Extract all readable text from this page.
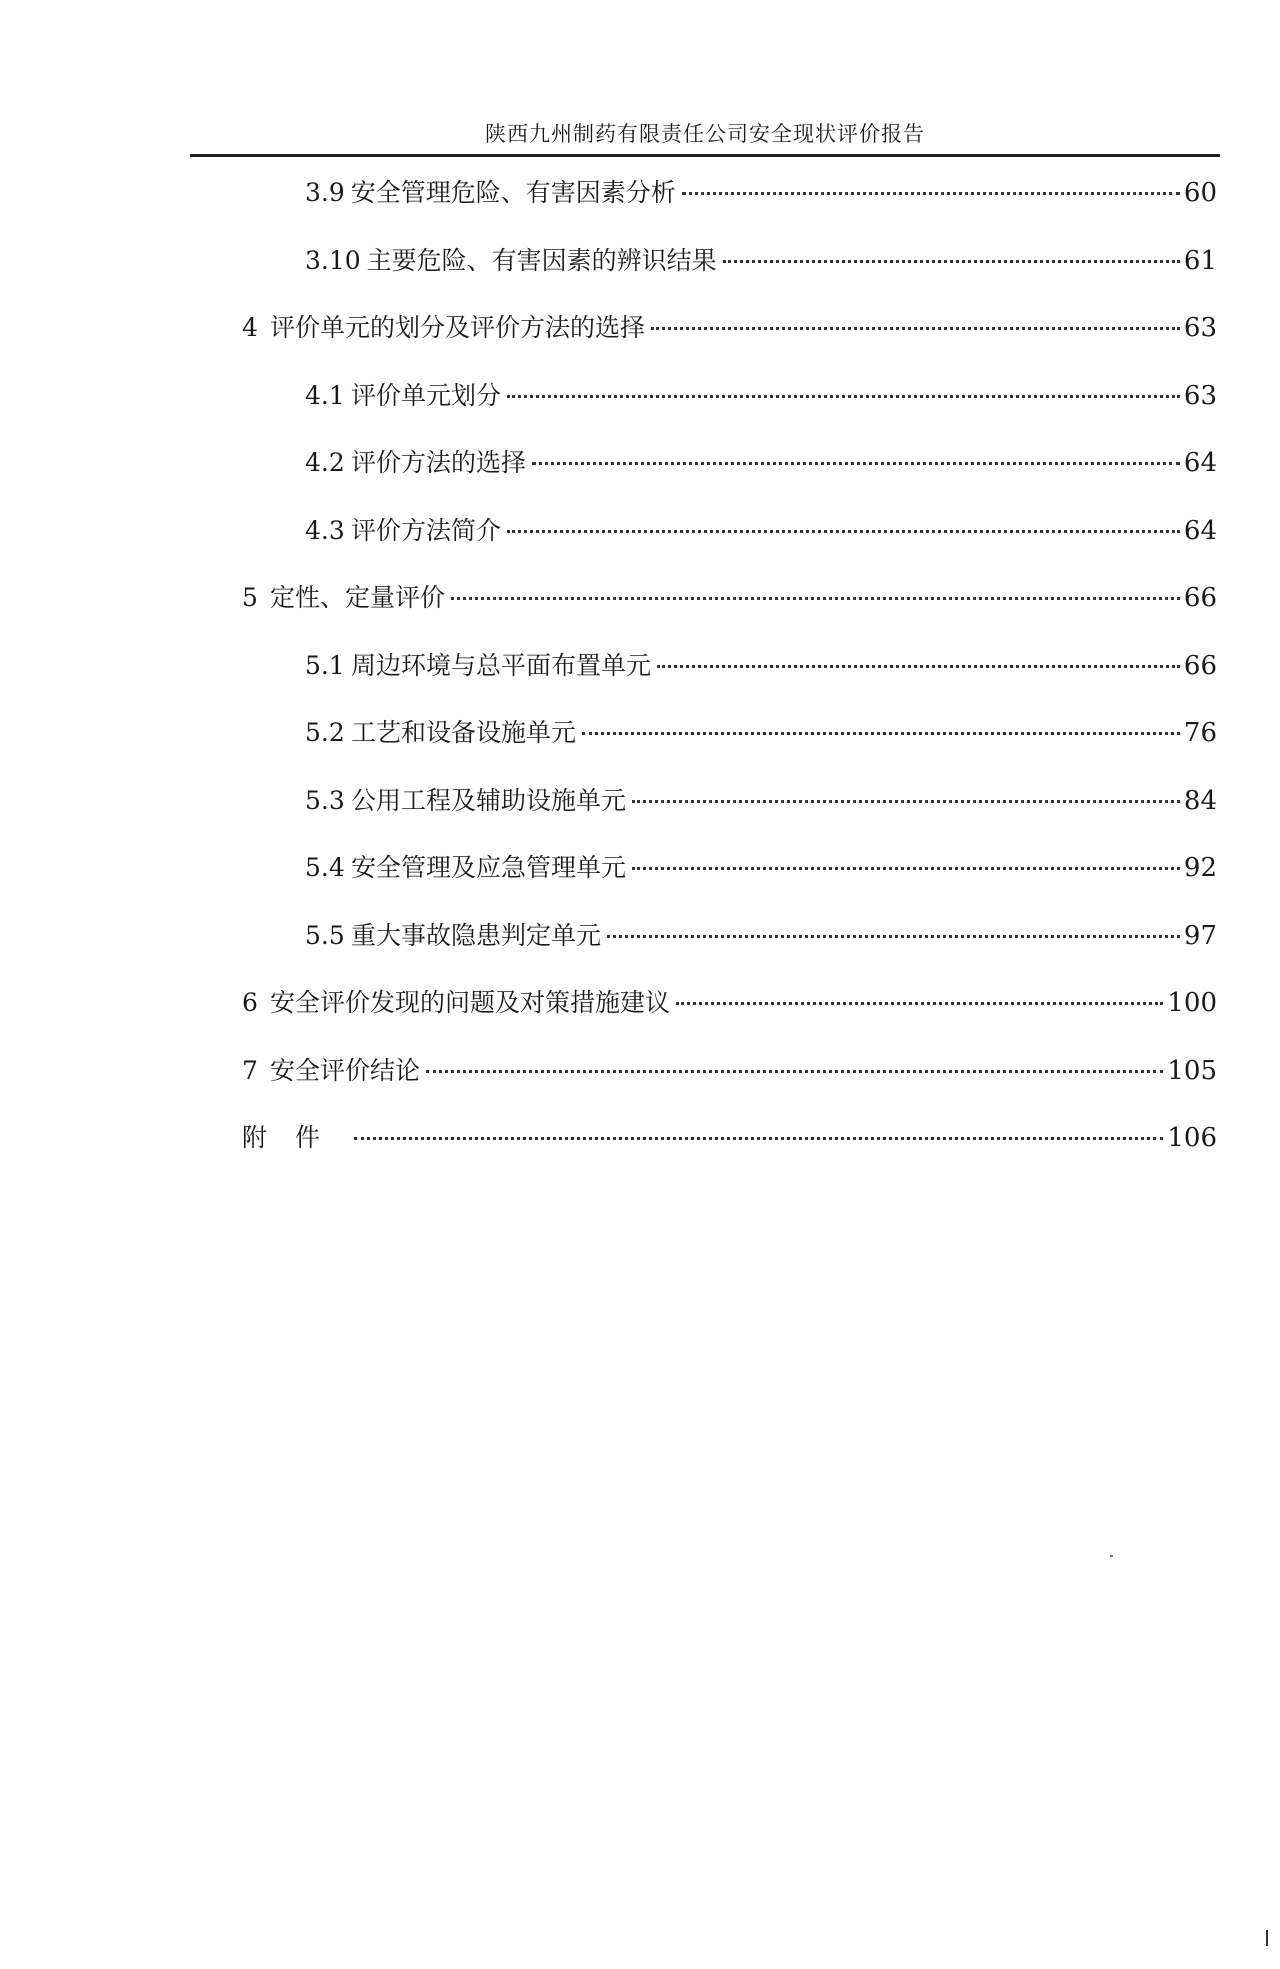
陕西九州制药有限责任公司安全现状评价报告
3.9 安全管理危险、有害因素分析	60
3.10 主要危险、有害因素的辨识结果	61
4 评价单元的划分及评价方法的选择	63
4.1 评价单元划分	63
4.2 评价方法的选择	64
4.3 评价方法简介	64
5 定性、定量评价	66
5.1 周边环境与总平面布置单元	66
5.2 工艺和设备设施单元	76
5.3 公用工程及辅助设施单元	84
5.4 安全管理及应急管理单元	92
5.5 重大事故隐患判定单元	97
6 安全评价发现的问题及对策措施建议	100
7 安全评价结论	105
附件	106
